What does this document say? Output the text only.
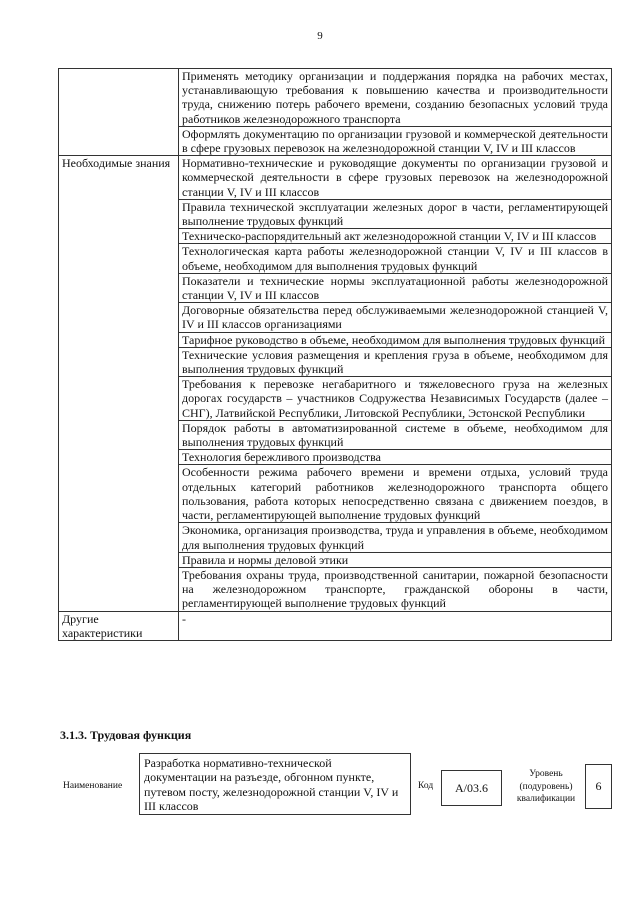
9
	Применять методику организации и поддержания порядка на рабочих местах, устанавливающую требования к повышению качества и производительности труда, снижению потерь рабочего времени, созданию безопасных условий труда работников железнодорожного транспорта
	Оформлять документацию по организации грузовой и коммерческой деятельности в сфере грузовых перевозок на железнодорожной станции V, IV и III классов
Необходимые знания	Нормативно-технические и руководящие документы по организации грузовой и коммерческой деятельности в сфере грузовых перевозок на железнодорожной станции V, IV и III классов
	Правила технической эксплуатации железных дорог в части, регламентирующей выполнение трудовых функций
	Техническо-распорядительный акт железнодорожной станции V, IV и III классов
	Технологическая карта работы железнодорожной станции V, IV и III классов в объеме, необходимом для выполнения трудовых функций
	Показатели и технические нормы эксплуатационной работы железнодорожной станции V, IV и III классов
	Договорные обязательства перед обслуживаемыми железнодорожной станцией V, IV и III классов организациями
	Тарифное руководство в объеме, необходимом для выполнения трудовых функций
	Технические условия размещения и крепления груза в объеме, необходимом для выполнения трудовых функций
	Требования к перевозке негабаритного и тяжеловесного груза на железных дорогах государств – участников Содружества Независимых Государств (далее – СНГ), Латвийской Республики, Литовской Республики, Эстонской Республики
	Порядок работы в автоматизированной системе в объеме, необходимом для выполнения трудовых функций
	Технология бережливого производства
	Особенности режима рабочего времени и времени отдыха, условий труда отдельных категорий работников железнодорожного транспорта общего пользования, работа которых непосредственно связана с движением поездов, в части, регламентирующей выполнение трудовых функций
	Экономика, организация производства, труда и управления в объеме, необходимом для выполнения трудовых функций
	Правила и нормы деловой этики
	Требования охраны труда, производственной санитарии, пожарной безопасности на железнодорожном транспорте, гражданской обороны в части, регламентирующей выполнение трудовых функций
Другие характеристики	-
3.1.3. Трудовая функция
Наименование
Разработка нормативно-технической документации на разъезде, обгонном пункте, путевом посту, железнодорожной станции V, IV и III классов
Код	А/03.6
Уровень (подуровень) квалификации
6
